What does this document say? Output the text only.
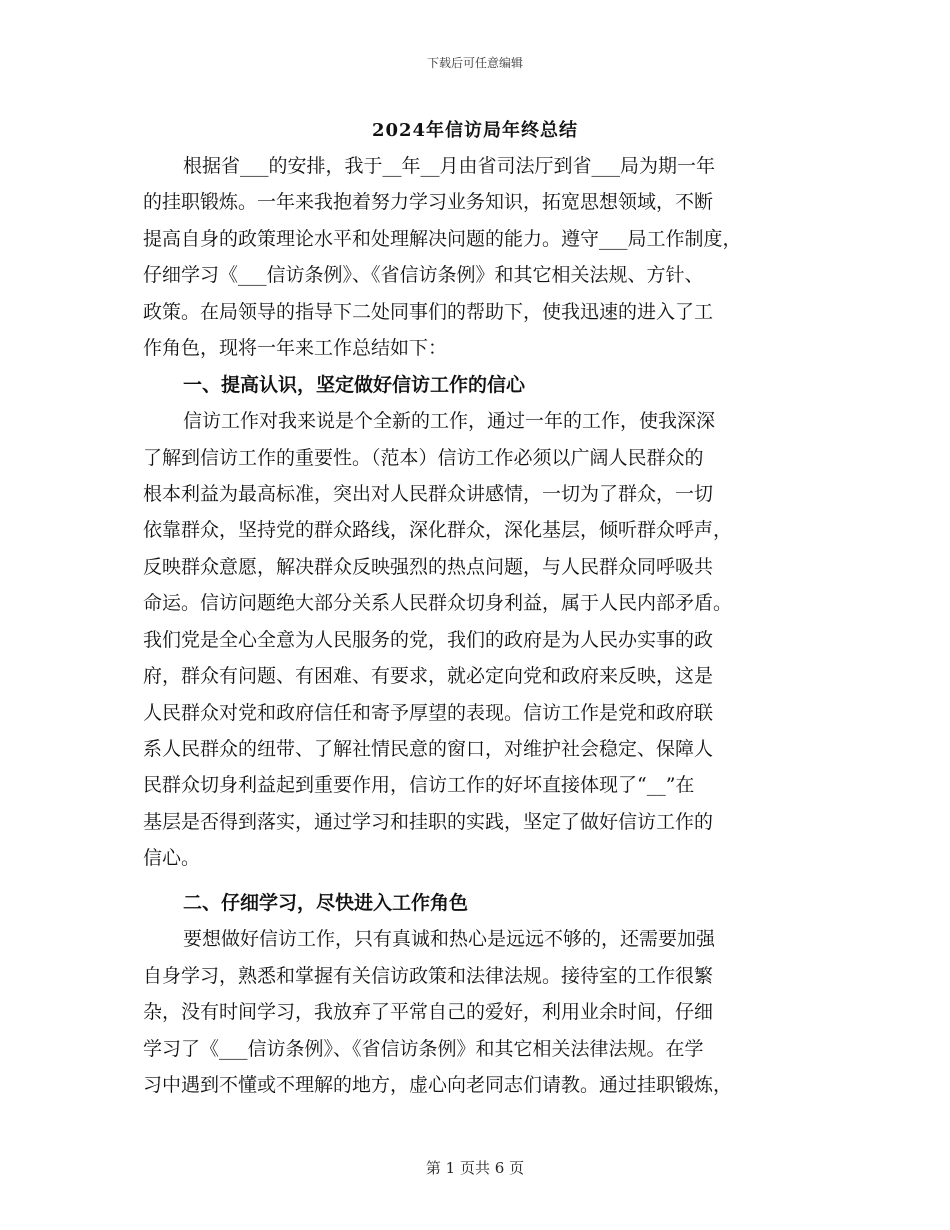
下载后可任意编辑
2024年信访局年终总结
根据省___的安排，我于__年__月由省司法厅到省___局为期一年
的挂职锻炼。一年来我抱着努力学习业务知识，拓宽思想领域，不断
提高自身的政策理论水平和处理解决问题的能力。遵守___局工作制度，
仔细学习《___信访条例》、《省信访条例》和其它相关法规、方针、
政策。在局领导的指导下二处同事们的帮助下，使我迅速的进入了工
作角色，现将一年来工作总结如下：
一、提高认识，坚定做好信访工作的信心
信访工作对我来说是个全新的工作，通过一年的工作，使我深深
了解到信访工作的重要性。（范本）信访工作必须以广阔人民群众的
根本利益为最高标准，突出对人民群众讲感情，一切为了群众，一切
依靠群众，坚持党的群众路线，深化群众，深化基层，倾听群众呼声，
反映群众意愿，解决群众反映强烈的热点问题，与人民群众同呼吸共
命运。信访问题绝大部分关系人民群众切身利益，属于人民内部矛盾。
我们党是全心全意为人民服务的党，我们的政府是为人民办实事的政
府，群众有问题、有困难、有要求，就必定向党和政府来反映，这是
人民群众对党和政府信任和寄予厚望的表现。信访工作是党和政府联
系人民群众的纽带、了解社情民意的窗口，对维护社会稳定、保障人
民群众切身利益起到重要作用，信访工作的好坏直接体现了“__”在
基层是否得到落实，通过学习和挂职的实践，坚定了做好信访工作的
信心。
二、仔细学习，尽快进入工作角色
要想做好信访工作，只有真诚和热心是远远不够的，还需要加强
自身学习，熟悉和掌握有关信访政策和法律法规。接待室的工作很繁
杂，没有时间学习，我放弃了平常自己的爱好，利用业余时间，仔细
学习了《___信访条例》、《省信访条例》和其它相关法律法规。在学
习中遇到不懂或不理解的地方，虚心向老同志们请教。通过挂职锻炼，
第 1 页共 6 页
